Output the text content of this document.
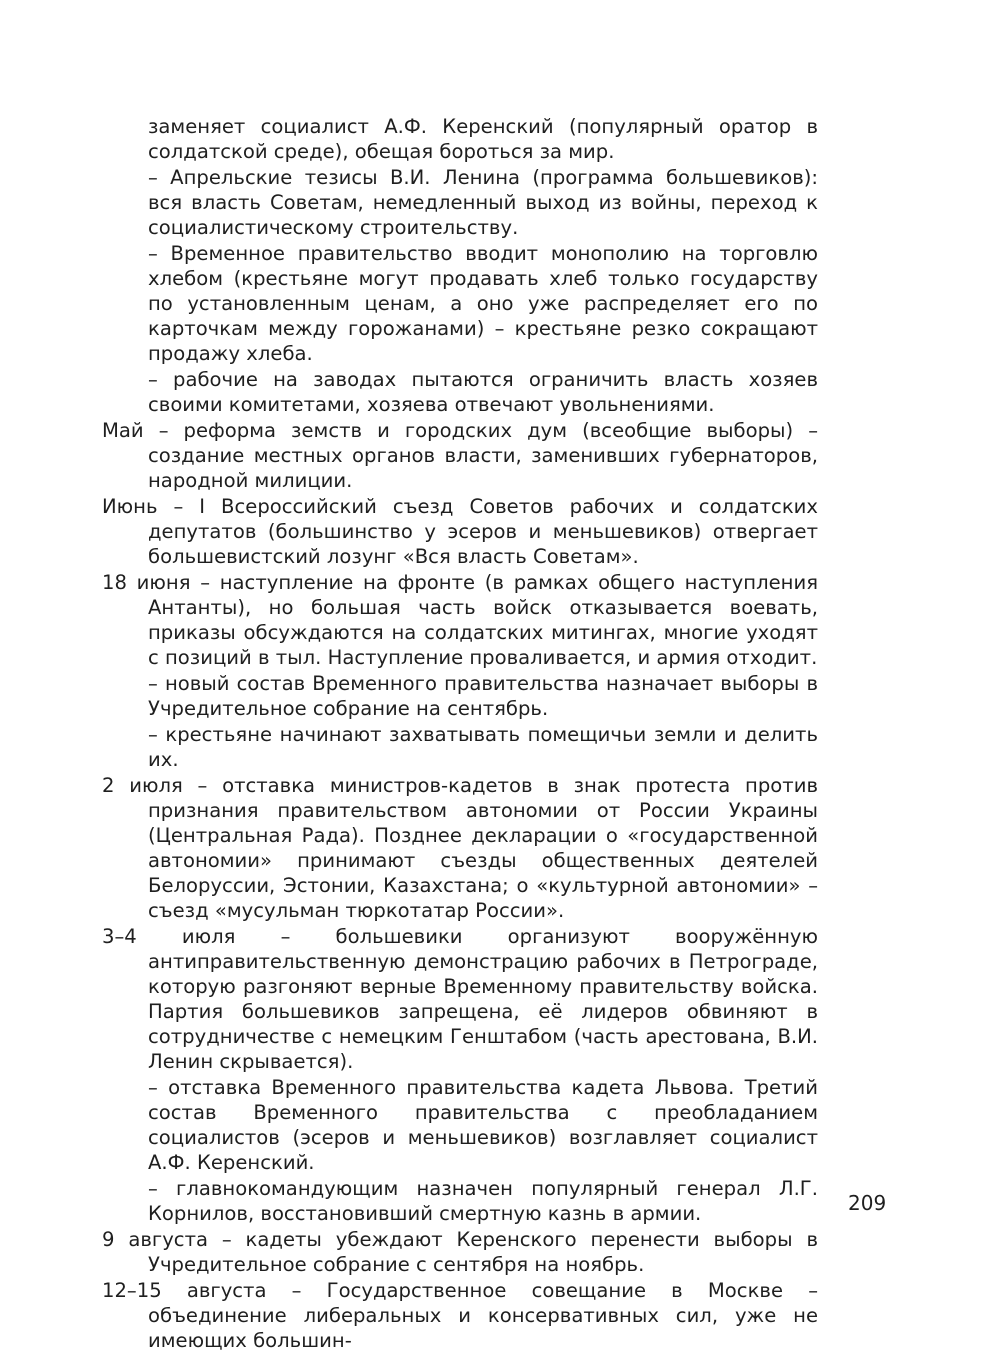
заменяет социалист А.Ф. Керенский (популярный оратор в солдатской среде), обещая бороться за мир.

– Апрельские тезисы В.И. Ленина (программа большевиков): вся власть Советам, немедленный выход из войны, переход к социалистическому строительству.

– Временное правительство вводит монополию на торговлю хлебом (крестьяне могут продавать хлеб только государству по установленным ценам, а оно уже распределяет его по карточкам между горожанами) – крестьяне резко сокращают продажу хлеба.

– рабочие на заводах пытаются ограничить власть хозяев своими комитетами, хозяева отвечают увольнениями.

Май – реформа земств и городских дум (всеобщие выборы) – создание местных органов власти, заменивших губернаторов, народной милиции.

Июнь – I Всероссийский съезд Советов рабочих и солдатских депутатов (большинство у эсеров и меньшевиков) отвергает большевистский лозунг «Вся власть Советам».

18 июня – наступление на фронте (в рамках общего наступления Антанты), но большая часть войск отказывается воевать, приказы обсуждаются на солдатских митингах, многие уходят с позиций в тыл. Наступление проваливается, и армия отходит.

– новый состав Временного правительства назначает выборы в Учредительное собрание на сентябрь.

– крестьяне начинают захватывать помещичьи земли и делить их.

2 июля – отставка министров-кадетов в знак протеста против признания правительством автономии от России Украины (Центральная Рада). Позднее декларации о «государственной автономии» принимают съезды общественных деятелей Белоруссии, Эстонии, Казахстана; о «культурной автономии» – съезд «мусульман тюркотатар России».

3–4 июля – большевики организуют вооружённую антиправительственную демонстрацию рабочих в Петрограде, которую разгоняют верные Временному правительству войска. Партия большевиков запрещена, её лидеров обвиняют в сотрудничестве с немецким Генштабом (часть арестована, В.И. Ленин скрывается).

– отставка Временного правительства кадета Львова. Третий состав Временного правительства с преобладанием социалистов (эсеров и меньшевиков) возглавляет социалист А.Ф. Керенский.

– главнокомандующим назначен популярный генерал Л.Г. Корнилов, восстановивший смертную казнь в армии.

9 августа – кадеты убеждают Керенского перенести выборы в Учредительное собрание с сентября на ноябрь.

12–15 августа – Государственное совещание в Москве – объединение либеральных и консервативных сил, уже не имеющих большин-

209
